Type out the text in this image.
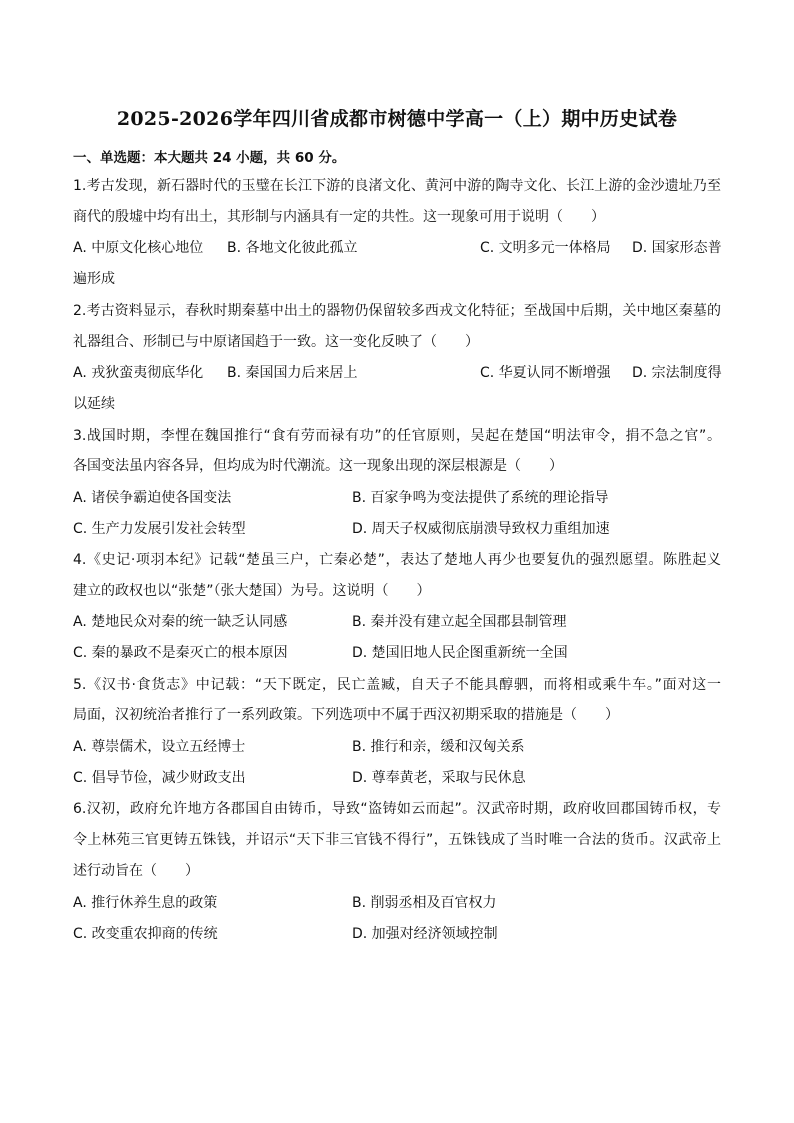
2025-2026学年四川省成都市树德中学高一（上）期中历史试卷
一、单选题：本大题共 24 小题，共 60 分。
1.考古发现，新石器时代的玉璧在长江下游的良渚文化、黄河中游的陶寺文化、长江上游的金沙遗址乃至
商代的殷墟中均有出土，其形制与内涵具有一定的共性。这一现象可用于说明（　　）
A. 中原文化核心地位 B. 各地文化彼此孤立	C. 文明多元一体格局 D. 国家形态普
遍形成
2.考古资料显示，春秋时期秦墓中出土的器物仍保留较多西戎文化特征；至战国中后期，关中地区秦墓的
礼器组合、形制已与中原诸国趋于一致。这一变化反映了（　　）
A. 戎狄蛮夷彻底华化 B. 秦国国力后来居上	C. 华夏认同不断增强 D. 宗法制度得
以延续
3.战国时期，李悝在魏国推行“食有劳而禄有功”的任官原则，吴起在楚国“明法审令，捐不急之官”。
各国变法虽内容各异，但均成为时代潮流。这一现象出现的深层根源是（　　）
A. 诸侯争霸迫使各国变法	B. 百家争鸣为变法提供了系统的理论指导
C. 生产力发展引发社会转型	D. 周天子权威彻底崩溃导致权力重组加速
4.《史记·项羽本纪》记载“楚虽三户，亡秦必楚”，表达了楚地人再少也要复仇的强烈愿望。陈胜起义
建立的政权也以“张楚”（张大楚国）为号。这说明（　　）
A. 楚地民众对秦的统一缺乏认同感	B. 秦并没有建立起全国郡县制管理
C. 秦的暴政不是秦灭亡的根本原因	D. 楚国旧地人民企图重新统一全国
5.《汉书·食货志》中记载：“天下既定，民亡盖臧，自天子不能具醇驷，而将相或乘牛车。”面对这一
局面，汉初统治者推行了一系列政策。下列选项中不属于西汉初期采取的措施是（　　）
A. 尊崇儒术，设立五经博士	B. 推行和亲，缓和汉匈关系
C. 倡导节俭，减少财政支出	D. 尊奉黄老，采取与民休息
6.汉初，政府允许地方各郡国自由铸币，导致“盗铸如云而起”。汉武帝时期，政府收回郡国铸币权，专
令上林苑三官更铸五铢钱，并诏示“天下非三官钱不得行”，五铢钱成了当时唯一合法的货币。汉武帝上
述行动旨在（　　）
A. 推行休养生息的政策	B. 削弱丞相及百官权力
C. 改变重农抑商的传统	D. 加强对经济领域控制
